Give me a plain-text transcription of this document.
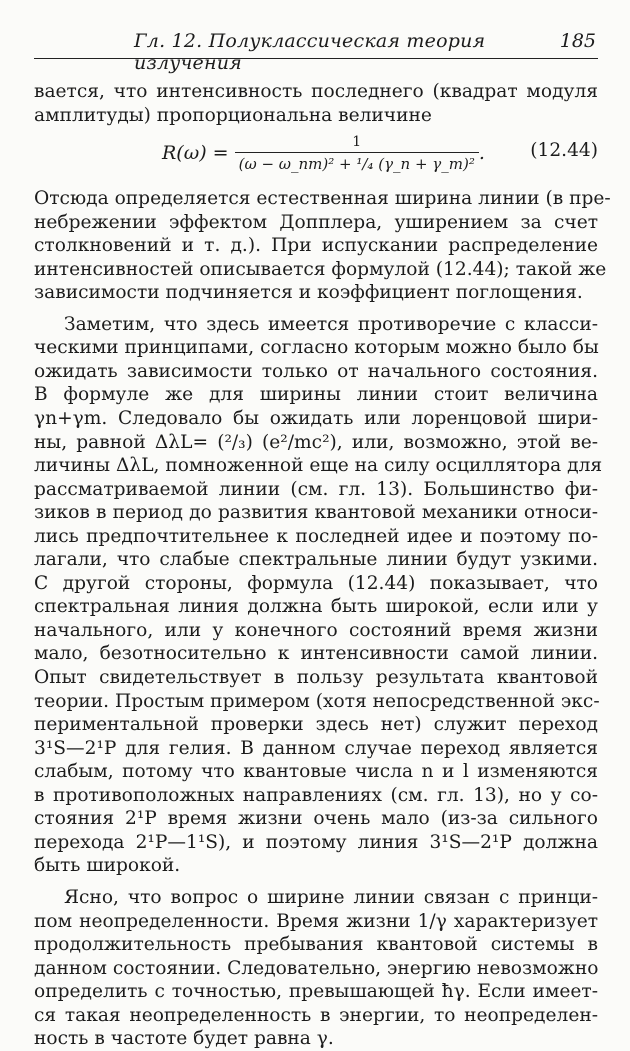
Гл. 12. Полуклассическая теория излучения
185
вается, что интенсивность последнего (квадрат модуля
амплитуды) пропорциональна величине
$R(\omega) = \frac{1}{\text{(ω − ω\_nm)² + ¹/₄ (γ\_n + γ\_m)²}}$ . (12.44)
Отсюда определяется естественная ширина линии (в пре-
небрежении эффектом Допплера, уширением за счет
столкновений и т. д.). При испускании распределение
интенсивностей описывается формулой (12.44); такой же
зависимости подчиняется и коэффициент поглощения.
Заметим, что здесь имеется противоречие с класси-
ческими принципами, согласно которым можно было бы
ожидать зависимости только от начального состояния.
В формуле же для ширины линии стоит величина
γn+γm. Следовало бы ожидать или лоренцовой шири-
ны, равной ΔλL= (²/₃) (e²/mc²), или, возможно, этой ве-
личины ΔλL, помноженной еще на силу осциллятора для
рассматриваемой линии (см. гл. 13). Большинство фи-
зиков в период до развития квантовой механики относи-
лись предпочтительнее к последней идее и поэтому по-
лагали, что слабые спектральные линии будут узкими.
С другой стороны, формула (12.44) показывает, что
спектральная линия должна быть широкой, если или у
начального, или у конечного состояний время жизни
мало, безотносительно к интенсивности самой линии.
Опыт свидетельствует в пользу результата квантовой
теории. Простым примером (хотя непосредственной экс-
периментальной проверки здесь нет) служит переход
3¹S—2¹P для гелия. В данном случае переход является
слабым, потому что квантовые числа n и l изменяются
в противоположных направлениях (см. гл. 13), но у со-
стояния 2¹P время жизни очень мало (из-за сильного
перехода 2¹P—1¹S), и поэтому линия 3¹S—2¹P должна
быть широкой.
Ясно, что вопрос о ширине линии связан с принци-
пом неопределенности. Время жизни 1/γ характеризует
продолжительность пребывания квантовой системы в
данном состоянии. Следовательно, энергию невозможно
определить с точностью, превышающей ħγ. Если имеет-
ся такая неопределенность в энергии, то неопределен-
ность в частоте будет равна γ.
